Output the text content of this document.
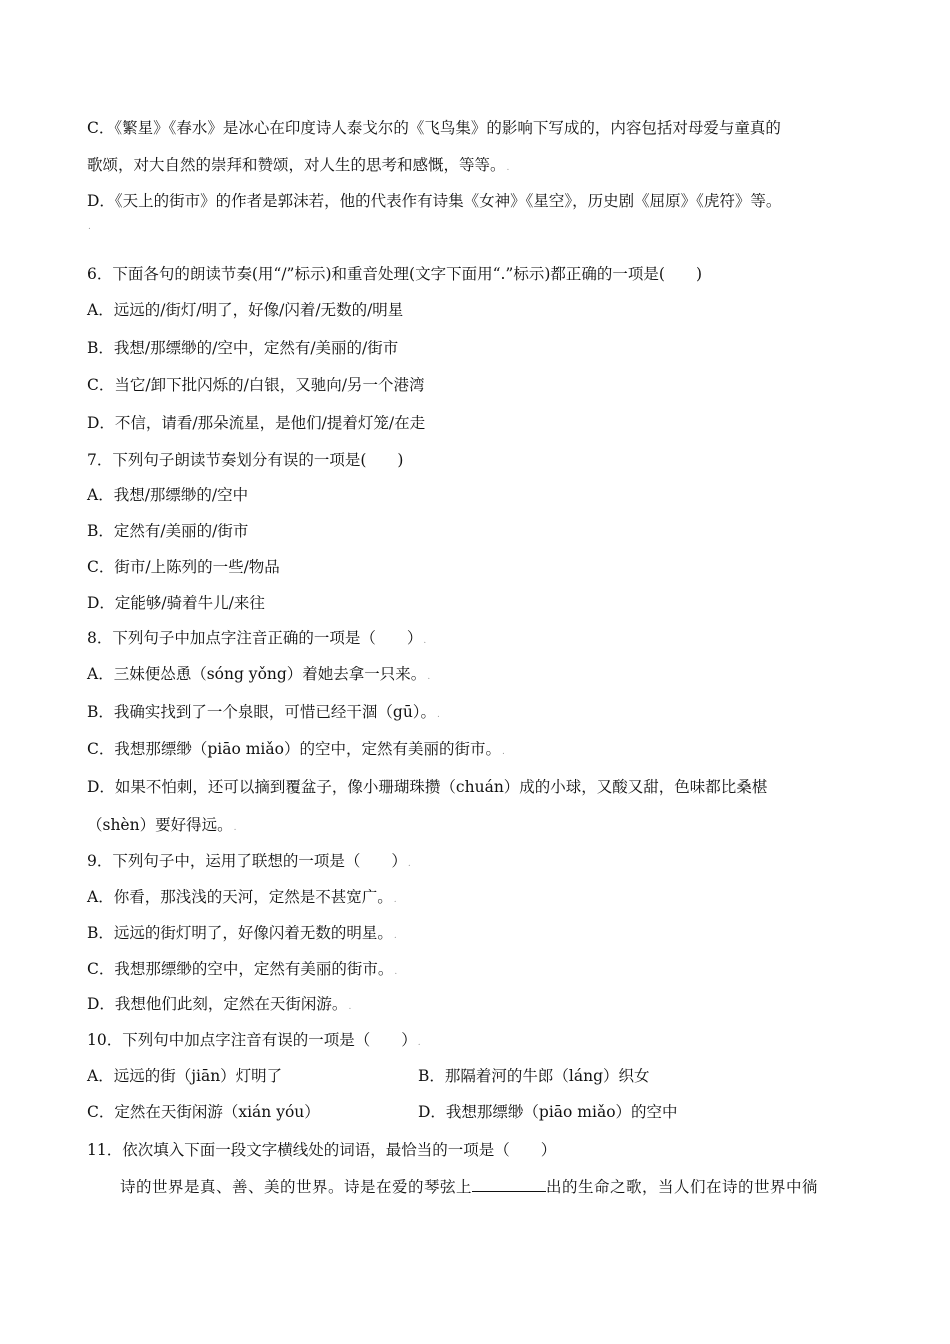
C．《繁星》《春水》是冰心在印度诗人泰戈尔的《飞鸟集》的影响下写成的，内容包括对母爱与童真的
歌颂，对大自然的崇拜和赞颂，对人生的思考和感慨，等等。.
D．《天上的街市》的作者是郭沫若，他的代表作有诗集《女神》《星空》，历史剧《屈原》《虎符》等。
.
6．下面各句的朗读节奏(用“/”标示)和重音处理(文字下面用“.”标示)都正确的一项是(　　)
A．远远的/街灯/明了，好像/闪着/无数的/明星
B．我想/那缥缈的/空中，定然有/美丽的/街市
C．当它/卸下批闪烁的/白银，又驰向/另一个港湾
D．不信，请看/那朵流星，是他们/提着灯笼/在走
7．下列句子朗读节奏划分有误的一项是(　　)
A．我想/那缥缈的/空中
B．定然有/美丽的/街市
C．街市/上陈列的一些/物品
D．定能够/骑着牛儿/来往
8．下列句子中加点字注音正确的一项是（　　）.
A．三妹便怂恿（sóng yǒng）着她去拿一只来。.
B．我确实找到了一个泉眼，可惜已经干涸（gū）。.
C．我想那缥缈（piāo miǎo）的空中，定然有美丽的街市。.
D．如果不怕刺，还可以摘到覆盆子，像小珊瑚珠攒（chuán）成的小球，又酸又甜，色味都比桑椹
（shèn）要好得远。.
9．下列句子中，运用了联想的一项是（　　）.
A．你看，那浅浅的天河，定然是不甚宽广。.
B．远远的街灯明了，好像闪着无数的明星。.
C．我想那缥缈的空中，定然有美丽的街市。.
D．我想他们此刻，定然在天街闲游。.
10．下列句中加点字注音有误的一项是（　　）.
A．远远的街（jiān）灯明了	B．那隔着河的牛郎（láng）织女
C．定然在天街闲游（xián yóu）	D．我想那缥缈（piāo miǎo）的空中
11．依次填入下面一段文字横线处的词语，最恰当的一项是（　　）
诗的世界是真、善、美的世界。诗是在爱的琴弦上	出的生命之歌，当人们在诗的世界中徜
